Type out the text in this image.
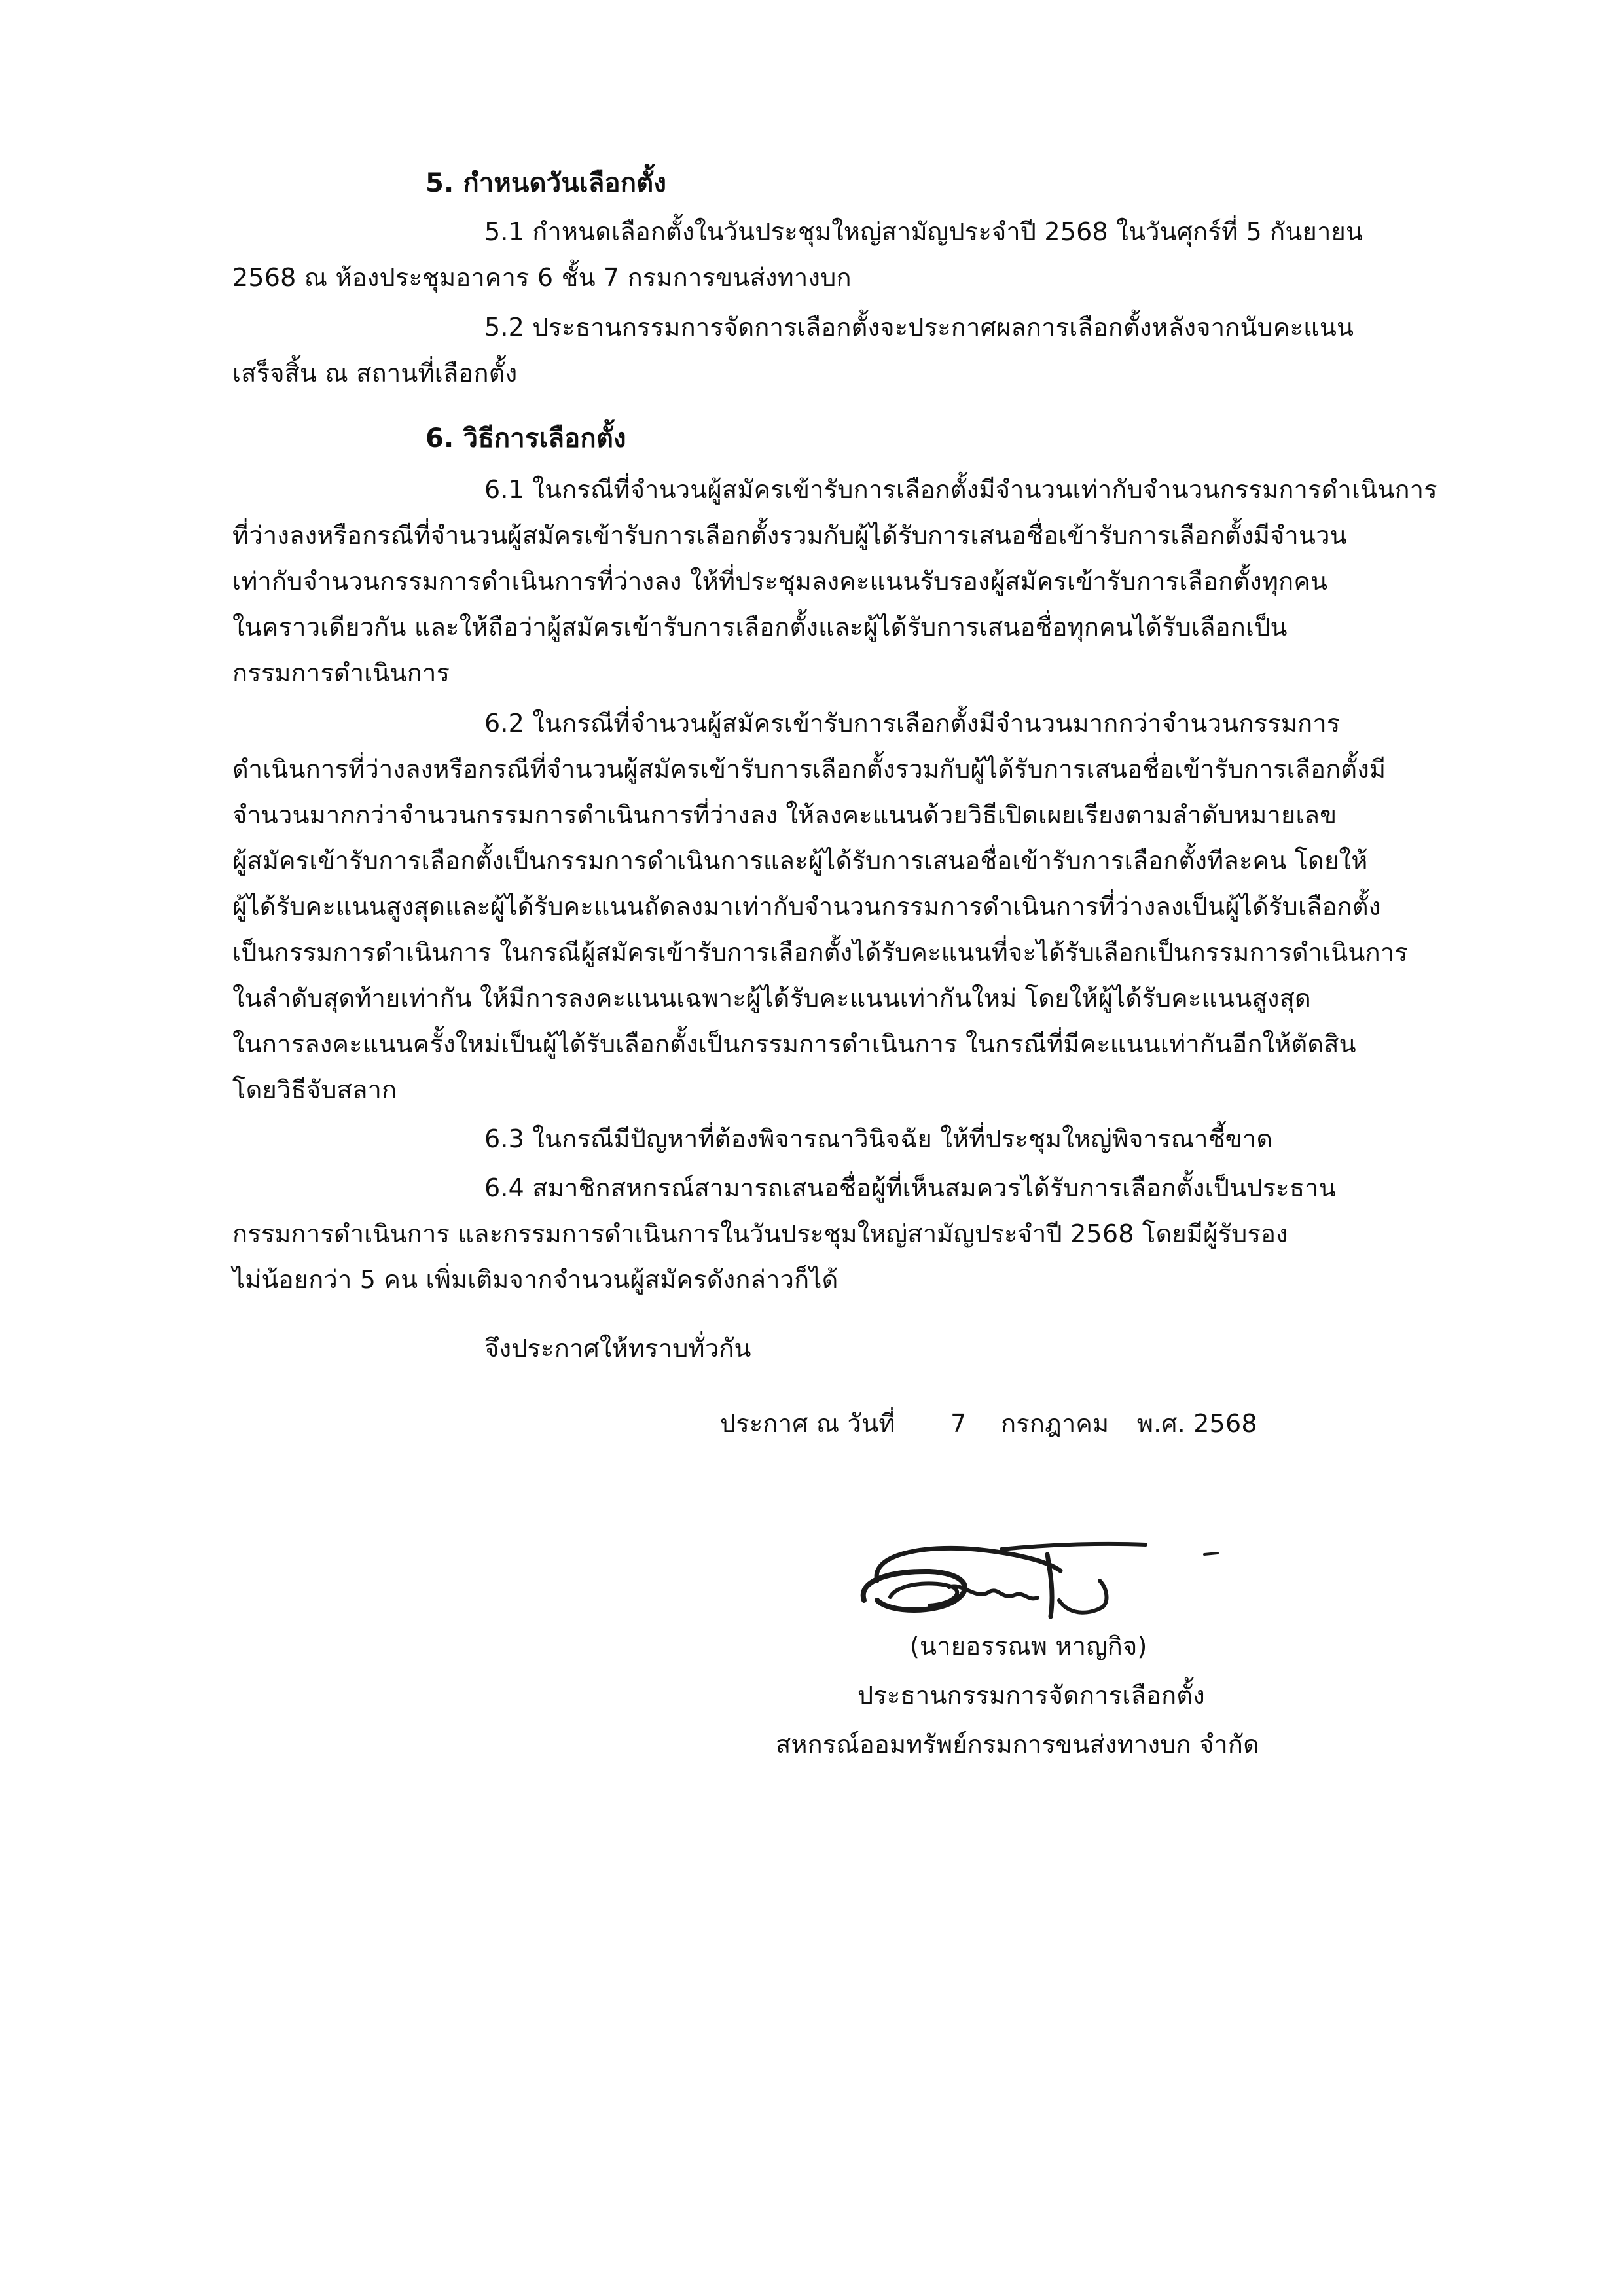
5. กำหนดวันเลือกตั้ง
5.1 กำหนดเลือกตั้งในวันประชุมใหญ่สามัญประจำปี 2568 ในวันศุกร์ที่ 5 กันยายน
2568 ณ ห้องประชุมอาคาร 6 ชั้น 7 กรมการขนส่งทางบก
5.2 ประธานกรรมการจัดการเลือกตั้งจะประกาศผลการเลือกตั้งหลังจากนับคะแนน
เสร็จสิ้น ณ สถานที่เลือกตั้ง
6. วิธีการเลือกตั้ง
6.1 ในกรณีที่จำนวนผู้สมัครเข้ารับการเลือกตั้งมีจำนวนเท่ากับจำนวนกรรมการดำเนินการ
ที่ว่างลงหรือกรณีที่จำนวนผู้สมัครเข้ารับการเลือกตั้งรวมกับผู้ได้รับการเสนอชื่อเข้ารับการเลือกตั้งมีจำนวน
เท่ากับจำนวนกรรมการดำเนินการที่ว่างลง ให้ที่ประชุมลงคะแนนรับรองผู้สมัครเข้ารับการเลือกตั้งทุกคน
ในคราวเดียวกัน และให้ถือว่าผู้สมัครเข้ารับการเลือกตั้งและผู้ได้รับการเสนอชื่อทุกคนได้รับเลือกเป็น
กรรมการดำเนินการ
6.2 ในกรณีที่จำนวนผู้สมัครเข้ารับการเลือกตั้งมีจำนวนมากกว่าจำนวนกรรมการ
ดำเนินการที่ว่างลงหรือกรณีที่จำนวนผู้สมัครเข้ารับการเลือกตั้งรวมกับผู้ได้รับการเสนอชื่อเข้ารับการเลือกตั้งมี
จำนวนมากกว่าจำนวนกรรมการดำเนินการที่ว่างลง ให้ลงคะแนนด้วยวิธีเปิดเผยเรียงตามลำดับหมายเลข
ผู้สมัครเข้ารับการเลือกตั้งเป็นกรรมการดำเนินการและผู้ได้รับการเสนอชื่อเข้ารับการเลือกตั้งทีละคน โดยให้
ผู้ได้รับคะแนนสูงสุดและผู้ได้รับคะแนนถัดลงมาเท่ากับจำนวนกรรมการดำเนินการที่ว่างลงเป็นผู้ได้รับเลือกตั้ง
เป็นกรรมการดำเนินการ ในกรณีผู้สมัครเข้ารับการเลือกตั้งได้รับคะแนนที่จะได้รับเลือกเป็นกรรมการดำเนินการ
ในลำดับสุดท้ายเท่ากัน ให้มีการลงคะแนนเฉพาะผู้ได้รับคะแนนเท่ากันใหม่ โดยให้ผู้ได้รับคะแนนสูงสุด
ในการลงคะแนนครั้งใหม่เป็นผู้ได้รับเลือกตั้งเป็นกรรมการดำเนินการ ในกรณีที่มีคะแนนเท่ากันอีกให้ตัดสิน
โดยวิธีจับสลาก
6.3 ในกรณีมีปัญหาที่ต้องพิจารณาวินิจฉัย ให้ที่ประชุมใหญ่พิจารณาชี้ขาด
6.4 สมาชิกสหกรณ์สามารถเสนอชื่อผู้ที่เห็นสมควรได้รับการเลือกตั้งเป็นประธาน
กรรมการดำเนินการ และกรรมการดำเนินการในวันประชุมใหญ่สามัญประจำปี 2568 โดยมีผู้รับรอง
ไม่น้อยกว่า 5 คน เพิ่มเติมจากจำนวนผู้สมัครดังกล่าวก็ได้
จึงประกาศให้ทราบทั่วกัน
ประกาศ ณ วันที่ 7 กรกฎาคม พ.ศ. 2568
(นายอรรณพ หาญกิจ)
ประธานกรรมการจัดการเลือกตั้ง
สหกรณ์ออมทรัพย์กรมการขนส่งทางบก จำกัด
